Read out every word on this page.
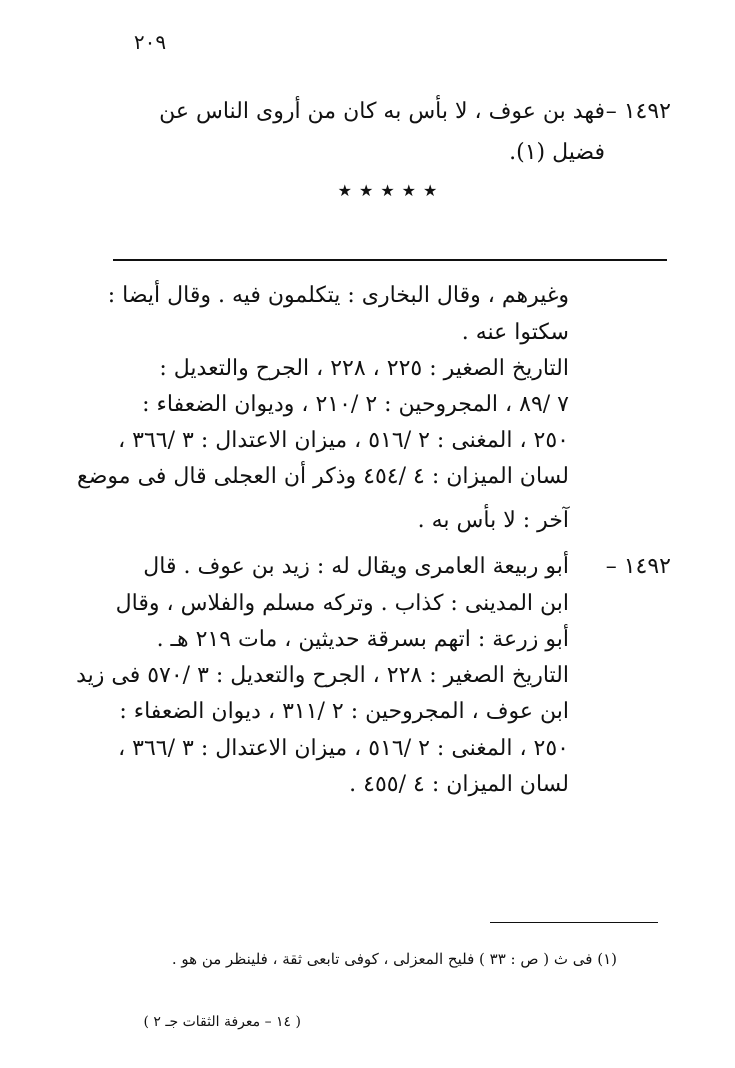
٢٠٩
١٤٩٢ –
فهد بن عوف ، لا بأس به كان من أروى الناس عن
فضيل (١).
★★★★★
وغيرهم ، وقال البخارى : يتكلمون فيه . وقال أيضا :
سكتوا عنه .
التاريخ الصغير : ٢٢٥ ، ٢٢٨ ، الجرح والتعديل :
٧ /٨٩ ، المجروحين : ٢ /٢١٠ ، وديوان الضعفاء :
٢٥٠ ، المغنى : ٢ /٥١٦ ، ميزان الاعتدال : ٣ /٣٦٦ ،
لسان الميزان : ٤ /٤٥٤ وذكر أن العجلى قال فى موضع
آخر : لا بأس به .
١٤٩٢ –
أبو ربيعة العامرى ويقال له : زيد بن عوف . قال
ابن المدينى : كذاب . وتركه مسلم والفلاس ، وقال
أبو زرعة : اتهم بسرقة حديثين ، مات ٢١٩ هـ .
التاريخ الصغير : ٢٢٨ ، الجرح والتعديل : ٣ /٥٧٠ فى زيد
ابن عوف ، المجروحين : ٢ /٣١١ ، ديوان الضعفاء :
٢٥٠ ، المغنى : ٢ /٥١٦ ، ميزان الاعتدال : ٣ /٣٦٦ ،
لسان الميزان : ٤ /٤٥٥ .
(١) فى ث ( ص : ٣٣ ) فليح المعزلى ، كوفى تابعى ثقة ، فلينظر من هو .
( ١٤ – معرفة الثقات جـ ٢ )
